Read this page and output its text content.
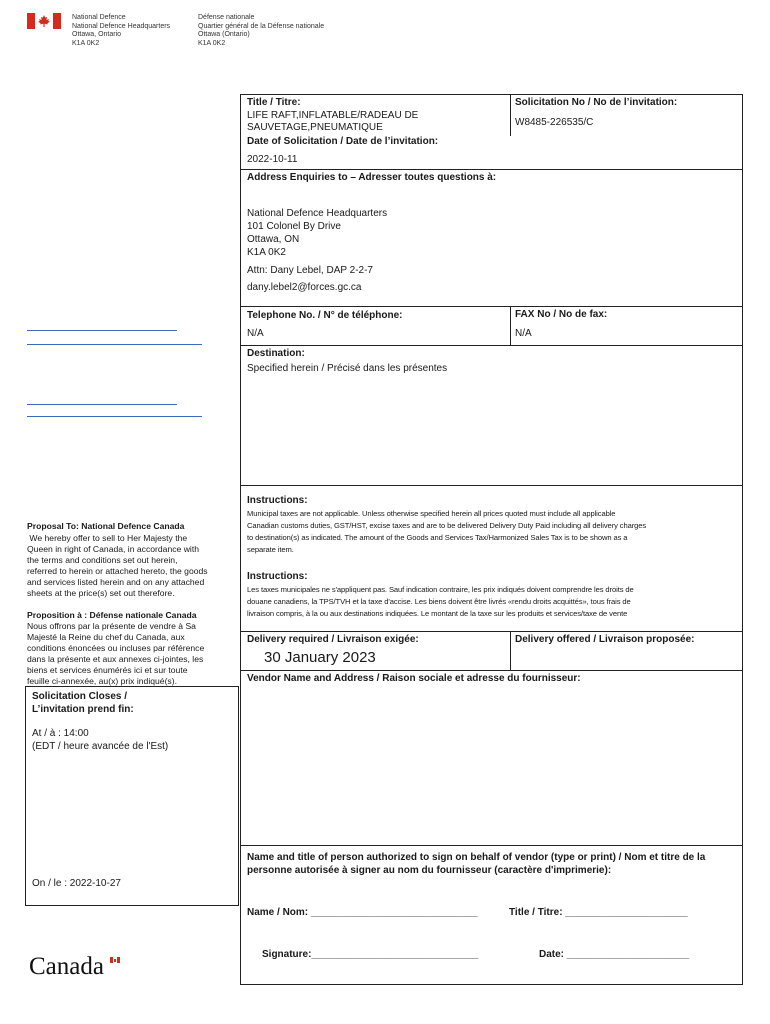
National Defence
National Defence Headquarters
Ottawa, Ontario
K1A 0K2
Défense nationale
Quartier général de la Défense nationale
Ottawa (Ontario)
K1A 0K2
Title / Titre:
LIFE RAFT,INFLATABLE/RADEAU DE
SAUVETAGE,PNEUMATIQUE
Solicitation No / No de l’invitation:
W8485-226535/C
Date of Solicitation / Date de l’invitation:
2022-10-11
Address Enquiries to – Adresser toutes questions à:
National Defence Headquarters
101 Colonel By Drive
Ottawa, ON
K1A 0K2
Attn: Dany Lebel, DAP 2-2-7
dany.lebel2@forces.gc.ca
Telephone No. / N° de téléphone:
N/A
FAX No / No de fax:
N/A
Destination:
Specified herein / Précisé dans les présentes
Instructions:
Municipal taxes are not applicable. Unless otherwise specified herein all prices quoted must include all applicable
Canadian customs duties, GST/HST, excise taxes and are to be delivered Delivery Duty Paid including all delivery charges
to destination(s) as indicated. The amount of the Goods and Services Tax/Harmonized Sales Tax is to be shown as a
separate item.
Instructions:
Les taxes municipales ne s'appliquent pas. Sauf indication contraire, les prix indiqués doivent comprendre les droits de
douane canadiens, la TPS/TVH et la taxe d'accise. Les biens doivent être livrés «rendu droits acquittés», tous frais de
livraison compris, à la ou aux destinations indiquées. Le montant de la taxe sur les produits et services/taxe de vente
Delivery required / Livraison exigée:
30 January 2023
Delivery offered / Livraison proposée:
Vendor Name and Address / Raison sociale et adresse du fournisseur:
Name and title of person authorized to sign on behalf of vendor (type or print) / Nom et titre de la
personne autorisée à signer au nom du fournisseur (caractère d'imprimerie):
Name / Nom: ______________________________	Title / Titre: ______________________
Signature:______________________________	Date: ______________________
Proposal To: National Defence Canada
We hereby offer to sell to Her Majesty the
Queen in right of Canada, in accordance with
the terms and conditions set out herein,
referred to herein or attached hereto, the goods
and services listed herein and on any attached
sheets at the price(s) set out therefore.
Proposition à : Défense nationale Canada
Nous offrons par la présente de vendre à Sa
Majesté la Reine du chef du Canada, aux
conditions énoncées ou incluses par référence
dans la présente et aux annexes ci-jointes, les
biens et services énumérés ici et sur toute
feuille ci-annexée, au(x) prix indiqué(s).
Solicitation Closes /
L’invitation prend fin:
At / à : 14:00
(EDT / heure avancée de l'Est)
On / le : 2022-10-27
Canada
